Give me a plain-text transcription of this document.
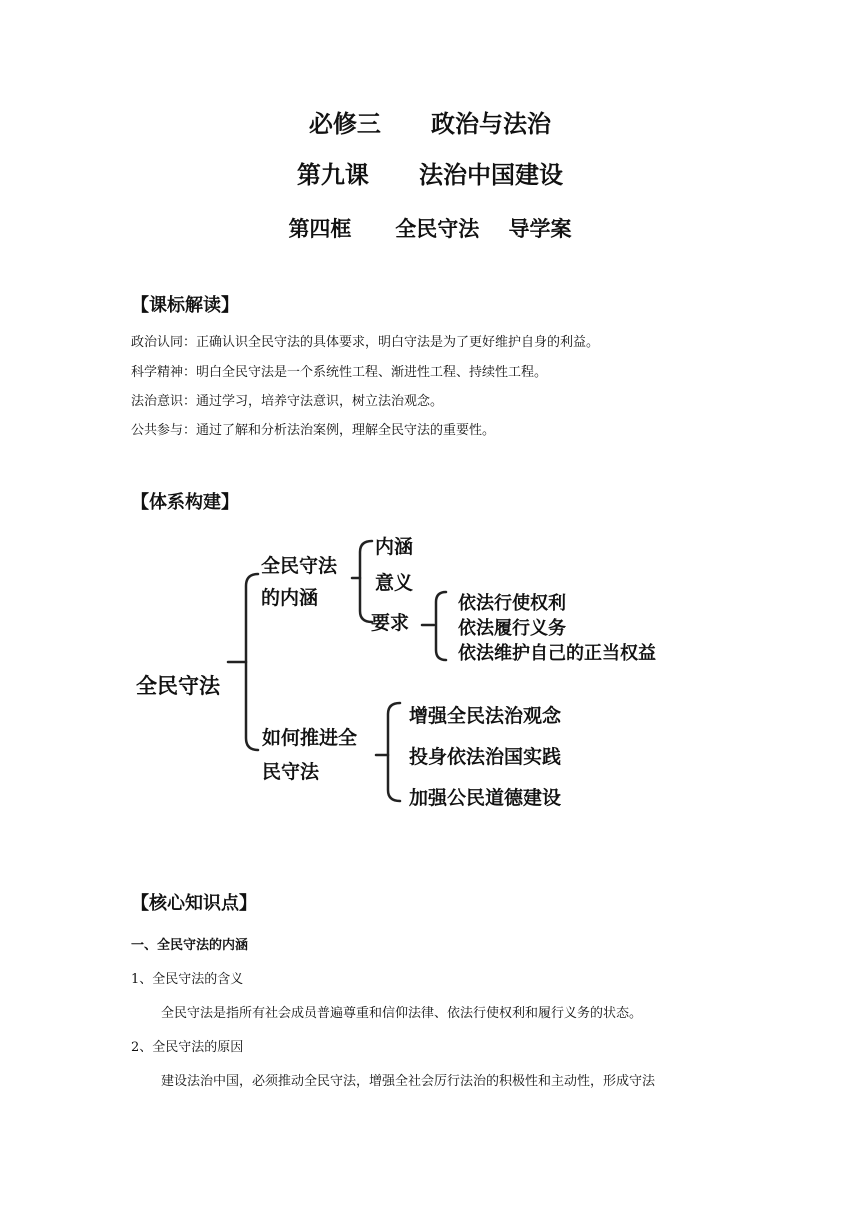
必修三      政治与法治
第九课      法治中国建设
第四框      全民守法    导学案
【课标解读】
政治认同：正确认识全民守法的具体要求，明白守法是为了更好维护自身的利益。
科学精神：明白全民守法是一个系统性工程、渐进性工程、持续性工程。
法治意识：通过学习，培养守法意识，树立法治观念。
公共参与：通过了解和分析法治案例，理解全民守法的重要性。
【体系构建】
全民守法
全民守法
的内涵
内涵
意义
要求
依法行使权利
依法履行义务
依法维护自己的正当权益
如何推进全
民守法
增强全民法治观念
投身依法治国实践
加强公民道德建设
【核心知识点】
一、全民守法的内涵
1、全民守法的含义
全民守法是指所有社会成员普遍尊重和信仰法律、依法行使权利和履行义务的状态。
2、全民守法的原因
建设法治中国，必须推动全民守法，增强全社会厉行法治的积极性和主动性，形成守法
